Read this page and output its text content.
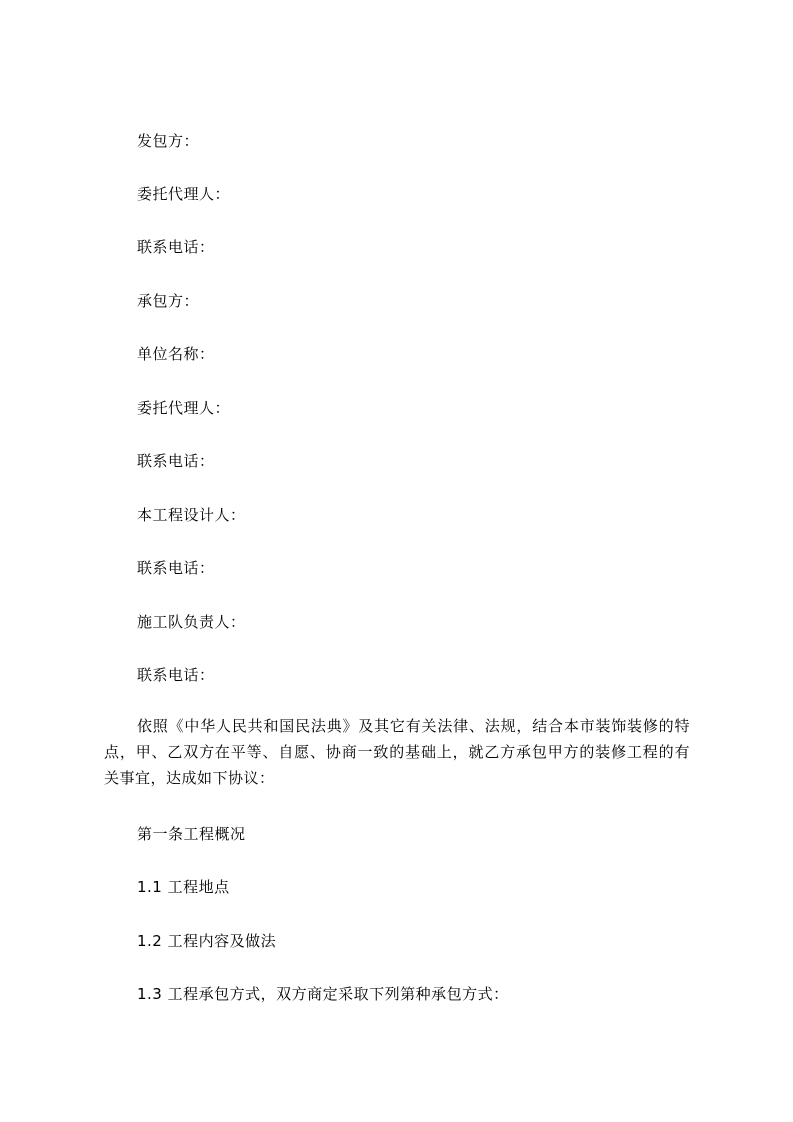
发包方：
委托代理人：
联系电话：
承包方：
单位名称：
委托代理人：
联系电话：
本工程设计人：
联系电话：
施工队负责人：
联系电话：
依照《中华人民共和国民法典》及其它有关法律、法规，结合本市装饰装修的特点，甲、乙双方在平等、自愿、协商一致的基础上，就乙方承包甲方的装修工程的有关事宜，达成如下协议：
第一条工程概况
1.1 工程地点
1.2 工程内容及做法
1.3 工程承包方式，双方商定采取下列第种承包方式：
